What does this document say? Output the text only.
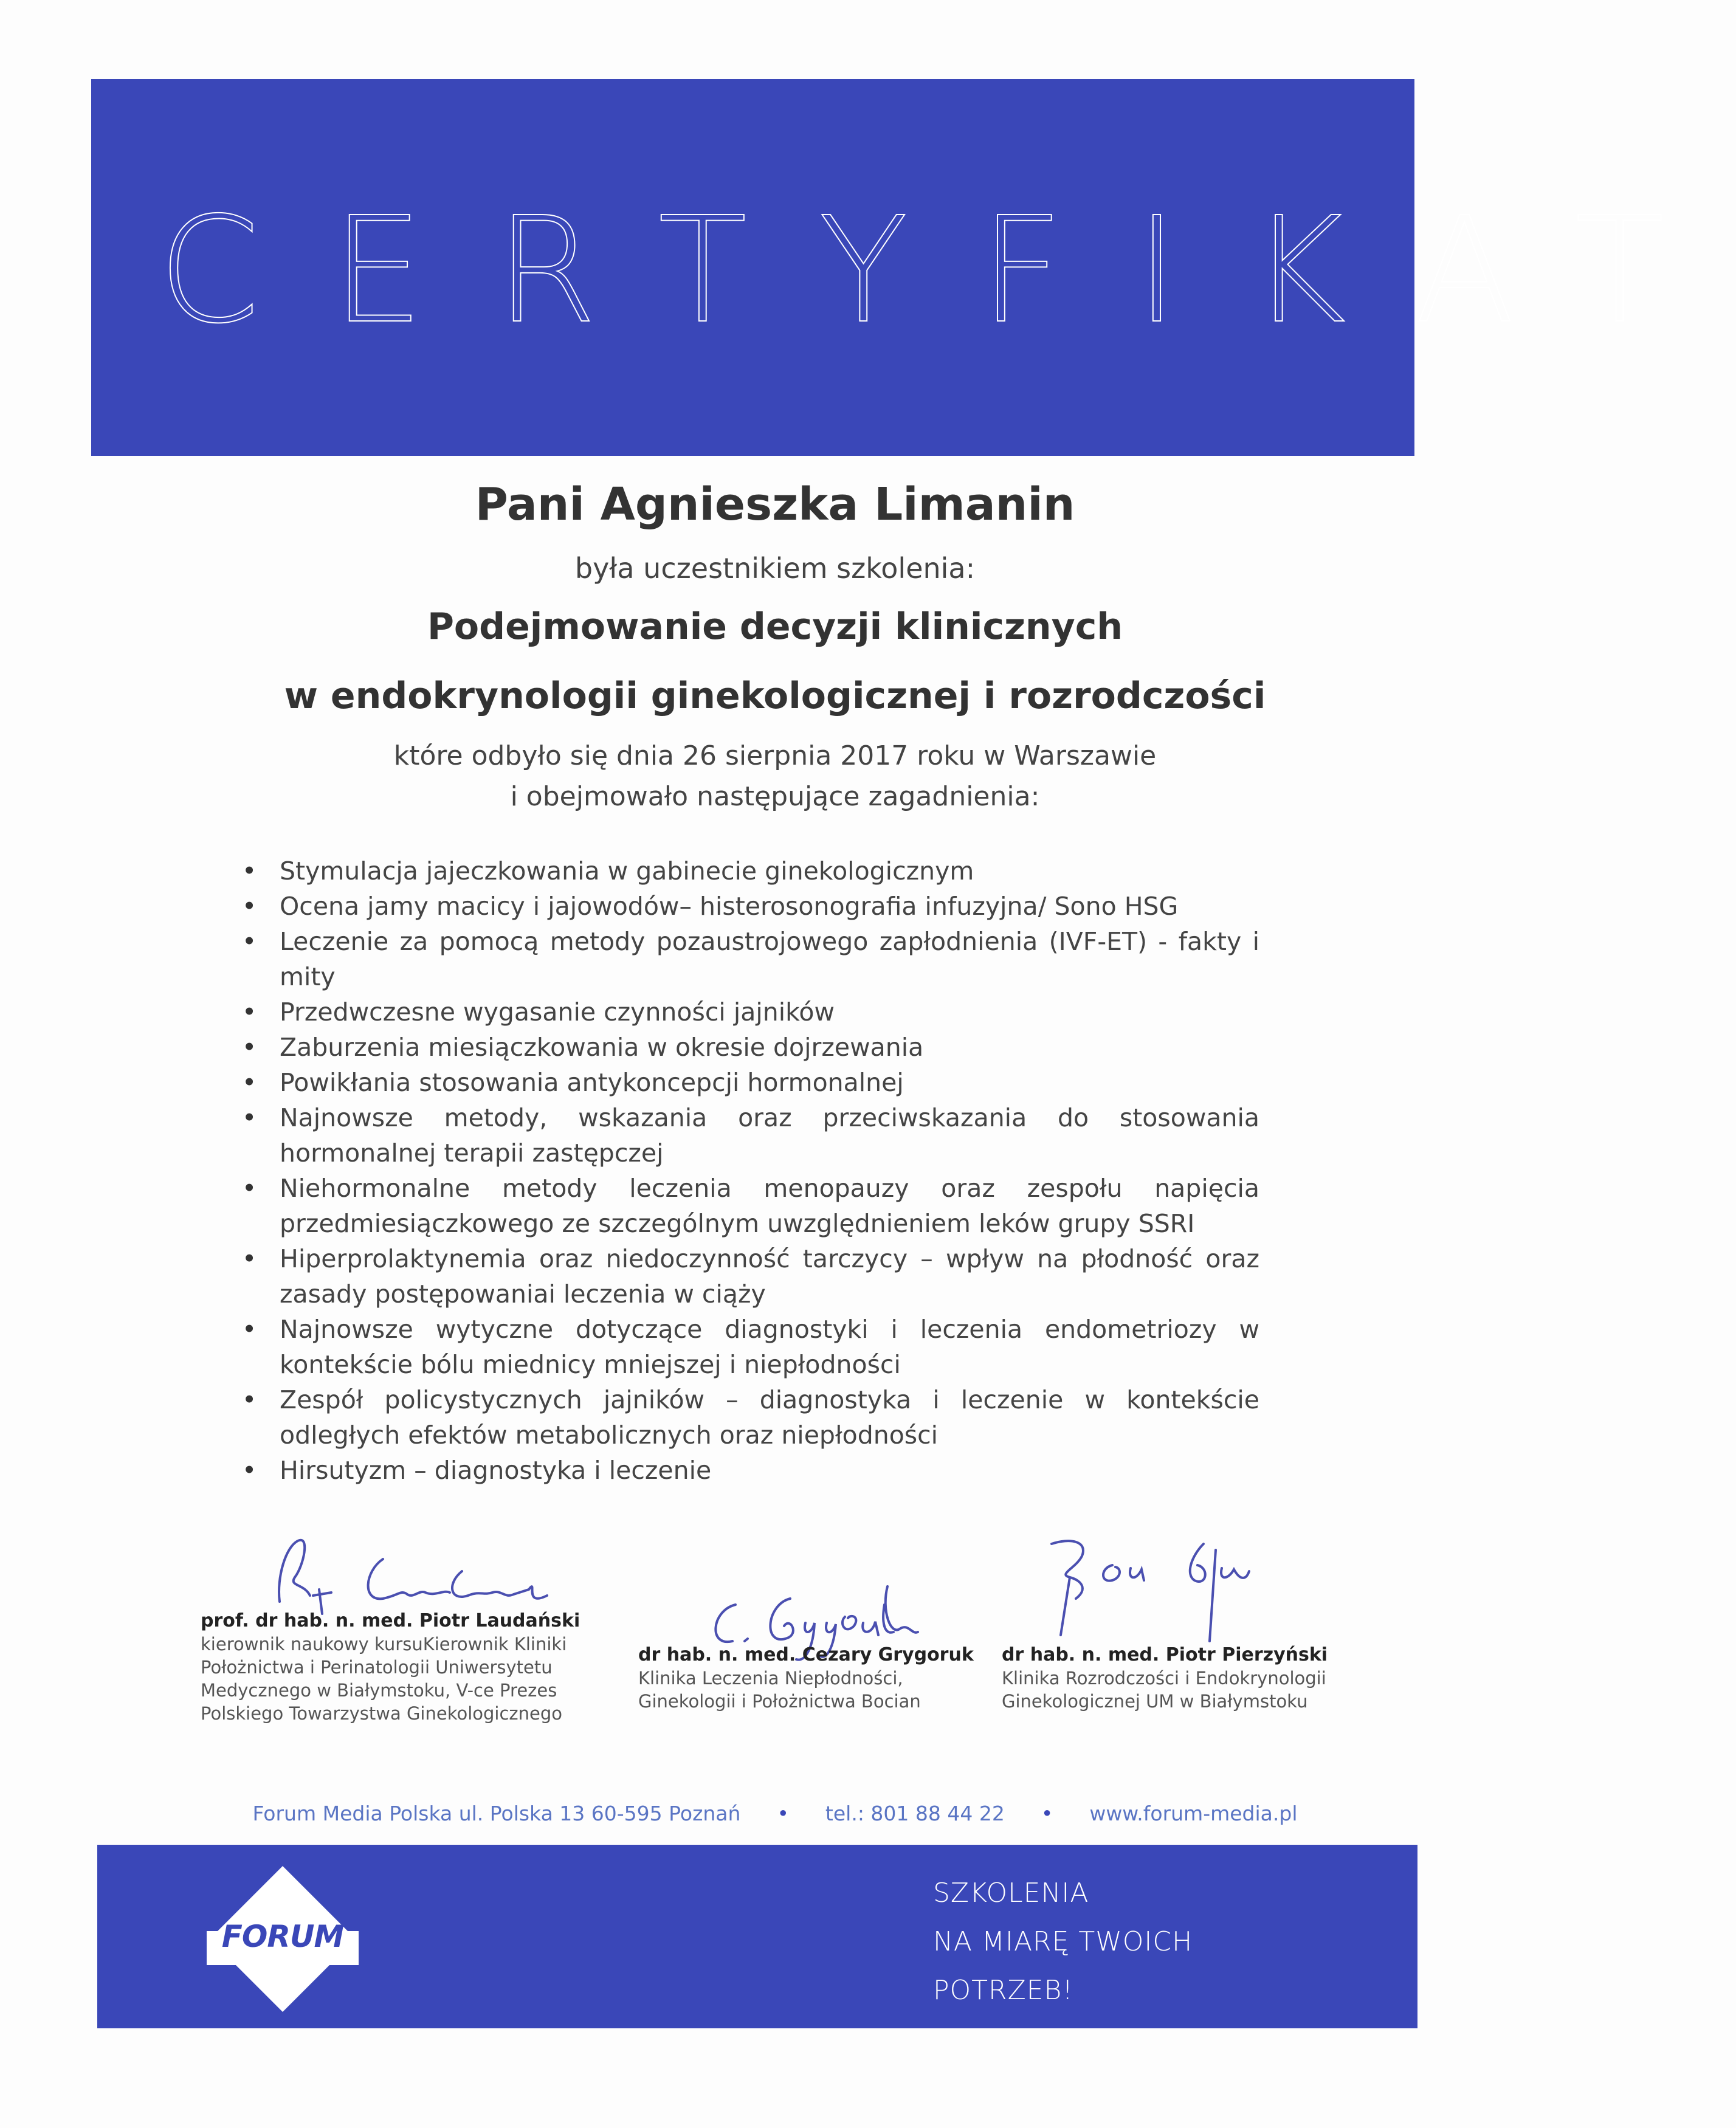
CERTYFIKAT
Pani Agnieszka Limanin
była uczestnikiem szkolenia:
Podejmowanie decyzji klinicznych
w endokrynologii ginekologicznej i rozrodczości
które odbyło się dnia 26 sierpnia 2017 roku w Warszawie
i obejmowało następujące zagadnienia:
• Stymulacja jajeczkowania w gabinecie ginekologicznym
• Ocena jamy macicy i jajowodów– histerosonografia infuzyjna/ Sono HSG
• Leczenie za pomocą metody pozaustrojowego zapłodnienia (IVF-ET) - fakty i mity
• Przedwczesne wygasanie czynności jajników
• Zaburzenia miesiączkowania w okresie dojrzewania
• Powikłania stosowania antykoncepcji hormonalnej
• Najnowsze metody, wskazania oraz przeciwskazania do stosowania hormonalnej terapii zastępczej
• Niehormonalne metody leczenia menopauzy oraz zespołu napięcia przedmiesiączkowego ze szczególnym uwzględnieniem leków grupy SSRI
• Hiperprolaktynemia oraz niedoczynność tarczycy – wpływ na płodność oraz zasady postępowaniai leczenia w ciąży
• Najnowsze wytyczne dotyczące diagnostyki i leczenia endometriozy w kontekście bólu miednicy mniejszej i niepłodności
• Zespół policystycznych jajników – diagnostyka i leczenie w kontekście odległych efektów metabolicznych oraz niepłodności
• Hirsutyzm – diagnostyka i leczenie
prof. dr hab. n. med. Piotr Laudański
kierownik naukowy kursuKierownik Kliniki
Położnictwa i Perinatologii Uniwersytetu
Medycznego w Białymstoku, V-ce Prezes
Polskiego Towarzystwa Ginekologicznego
dr hab. n. med. Cezary Grygoruk
Klinika Leczenia Niepłodności,
Ginekologii i Położnictwa Bocian
dr hab. n. med. Piotr Pierzyński
Klinika Rozrodczości i Endokrynologii
Ginekologicznej UM w Białymstoku
Forum Media Polska ul. Polska 13 60-595 Poznań • tel.: 801 88 44 22 • www.forum-media.pl
FORUM
SZKOLENIA
NA MIARĘ TWOICH
POTRZEB!
